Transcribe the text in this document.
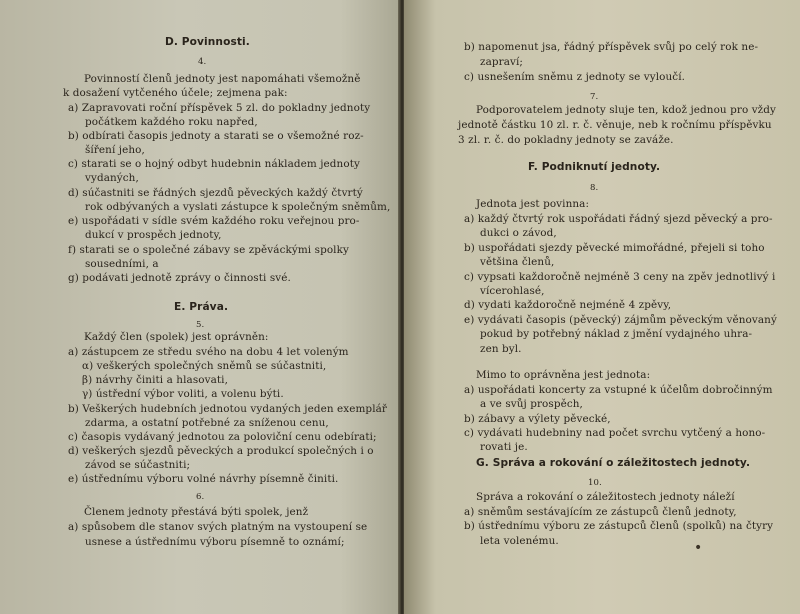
D. Povinnosti.
4.
Povinností členů jednoty jest napomáhati všemožně
k dosažení vytčeného účele; zejmena pak:
a) Zapravovati roční příspěvek 5 zl. do pokladny jednoty
počátkem každého roku napřed,
b) odbírati časopis jednoty a starati se o všemožné roz-
šíření jeho,
c) starati se o hojný odbyt hudebnin nákladem jednoty
vydaných,
d) súčastniti se řádných sjezdů pěveckých každý čtvrtý
rok odbývaných a vyslati zástupce k společným sněmům,
e) uspořádati v sídle svém každého roku veřejnou pro-
dukcí v prospěch jednoty,
f) starati se o společné zábavy se zpěváckými spolky
sousedními, a
g) podávati jednotě zprávy o činnosti své.
E. Práva.
5.
Každý člen (spolek) jest oprávněn:
a) zástupcem ze středu svého na dobu 4 let voleným
α) veškerých společných sněmů se súčastniti,
β) návrhy činiti a hlasovati,
γ) ústřední výbor voliti, a volenu býti.
b) Veškerých hudebních jednotou vydaných jeden exemplář
zdarma, a ostatní potřebné za sníženou cenu,
c) časopis vydávaný jednotou za poloviční cenu odebírati;
d) veškerých sjezdů pěveckých a produkcí společných i o
závod se súčastniti;
e) ústřednímu výboru volné návrhy písemně činiti.
6.
Členem jednoty přestává býti spolek, jenž
a) spůsobem dle stanov svých platným na vystoupení se
usnese a ústřednímu výboru písemně to oznámí;
b) napomenut jsa, řádný příspěvek svůj po celý rok ne-
zapraví;
c) usnešením sněmu z jednoty se vyloučí.
7.
Podporovatelem jednoty sluje ten, kdož jednou pro vždy
jednotě částku 10 zl. r. č. věnuje, neb k ročnímu příspěvku
3 zl. r. č. do pokladny jednoty se zaváže.
F. Podniknutí jednoty.
8.
Jednota jest povinna:
a) každý čtvrtý rok uspořádati řádný sjezd pěvecký a pro-
dukci o závod,
b) uspořádati sjezdy pěvecké mimořádné, přejeli si toho
většina členů,
c) vypsati každoročně nejméně 3 ceny na zpěv jednotlivý i
vícerohlasé,
d) vydati každoročně nejméně 4 zpěvy,
e) vydávati časopis (pěvecký) zájmům pěveckým věnovaný
pokud by potřebný náklad z jmění vydajného uhra-
zen byl.
Mimo to oprávněna jest jednota:
a) uspořádati koncerty za vstupné k účelům dobročinným
a ve svůj prospěch,
b) zábavy a výlety pěvecké,
c) vydávati hudebniny nad počet svrchu vytčený a hono-
rovati je.
G. Správa a rokování o záležitostech jednoty.
10.
Správa a rokování o záležitostech jednoty náleží
a) sněmům sestávajícím ze zástupců členů jednoty,
b) ústřednímu výboru ze zástupců členů (spolků) na čtyry
leta volenému.	•
